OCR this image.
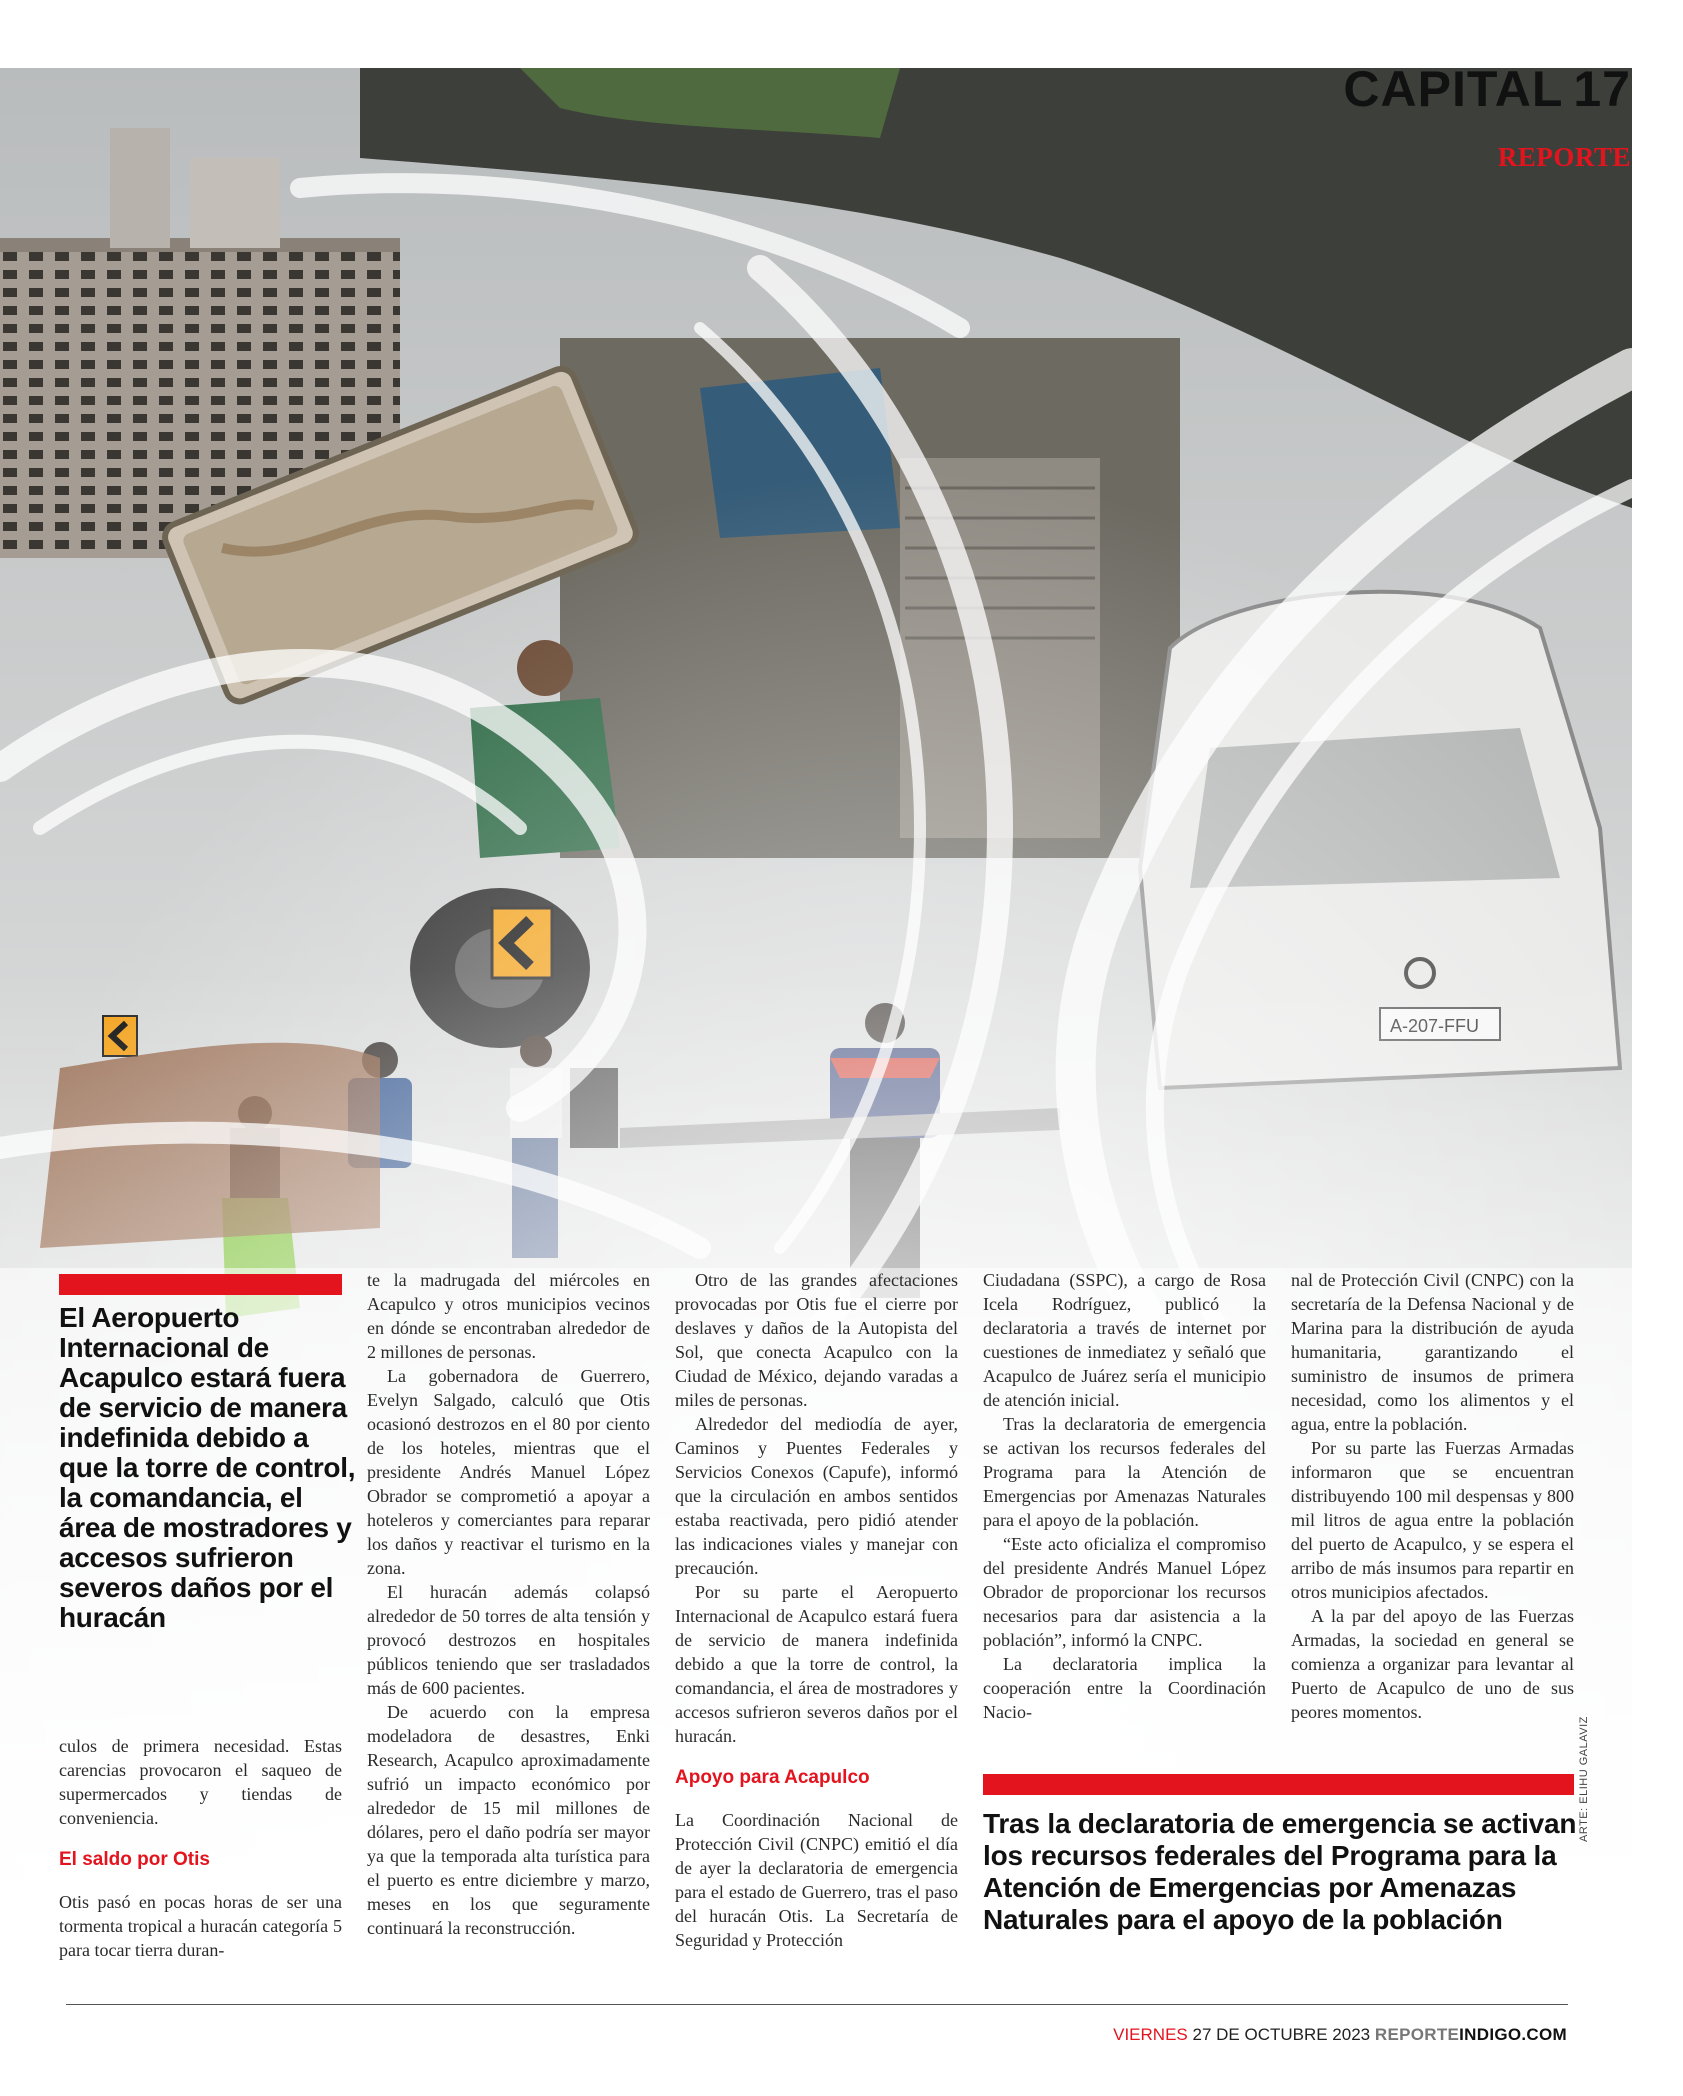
CAPITAL 17
REPORTE
El Aeropuerto Internacional de Acapulco estará fuera de servicio de manera indefinida debido a que la torre de control, la comandancia, el área de mostradores y accesos sufrieron severos daños por el huracán

culos de primera necesidad. Estas carencias provocaron el saqueo de supermercados y tiendas de conveniencia.

El saldo por Otis

Otis pasó en pocas horas de ser una tormenta tropical a huracán categoría 5 para tocar tierra duran-

te la madrugada del miércoles en Acapulco y otros municipios vecinos en dónde se encontraban alrededor de 2 millones de personas.

La gobernadora de Guerrero, Evelyn Salgado, calculó que Otis ocasionó destrozos en el 80 por ciento de los hoteles, mientras que el presidente Andrés Manuel López Obrador se comprometió a apoyar a hoteleros y comerciantes para reparar los daños y reactivar el turismo en la zona.

El huracán además colapsó alrededor de 50 torres de alta tensión y provocó destrozos en hospitales públicos teniendo que ser trasladados más de 600 pacientes.

De acuerdo con la empresa modeladora de desastres, Enki Research, Acapulco aproximadamente sufrió un impacto económico por alrededor de 15 mil millones de dólares, pero el daño podría ser mayor ya que la temporada alta turística para el puerto es entre diciembre y marzo, meses en los que seguramente continuará la reconstrucción.

Otro de las grandes afectaciones provocadas por Otis fue el cierre por deslaves y daños de la Autopista del Sol, que conecta Acapulco con la Ciudad de México, dejando varadas a miles de personas.

Alrededor del mediodía de ayer, Caminos y Puentes Federales y Servicios Conexos (Capufe), informó que la circulación en ambos sentidos estaba reactivada, pero pidió atender las indicaciones viales y manejar con precaución.

Por su parte el Aeropuerto Internacional de Acapulco estará fuera de servicio de manera indefinida debido a que la torre de control, la comandancia, el área de mostradores y accesos sufrieron severos daños por el huracán.

Apoyo para Acapulco

La Coordinación Nacional de Protección Civil (CNPC) emitió el día de ayer la declaratoria de emergencia para el estado de Guerrero, tras el paso del huracán Otis. La Secretaría de Seguridad y Protección

Ciudadana (SSPC), a cargo de Rosa Icela Rodríguez, publicó la declaratoria a través de internet por cuestiones de inmediatez y señaló que Acapulco de Juárez sería el municipio de atención inicial.

Tras la declaratoria de emergencia se activan los recursos federales del Programa para la Atención de Emergencias por Amenazas Naturales para el apoyo de la población.

“Este acto oficializa el compromiso del presidente Andrés Manuel López Obrador de proporcionar los recursos necesarios para dar asistencia a la población”, informó la CNPC.

La declaratoria implica la cooperación entre la Coordinación Nacio-

nal de Protección Civil (CNPC) con la secretaría de la Defensa Nacional y de Marina para la distribución de ayuda humanitaria, garantizando el suministro de insumos de primera necesidad, como los alimentos y el agua, entre la población.

Por su parte las Fuerzas Armadas informaron que se encuentran distribuyendo 100 mil despensas y 800 mil litros de agua entre la población del puerto de Acapulco, y se espera el arribo de más insumos para repartir en otros municipios afectados.

A la par del apoyo de las Fuerzas Armadas, la sociedad en general se comienza a organizar para levantar al Puerto de Acapulco de uno de sus peores momentos.

Tras la declaratoria de emergencia se activan los recursos federales del Programa para la Atención de Emergencias por Amenazas Naturales para el apoyo de la población
ARTE: ELIHU GALAVIZ
VIERNES 27 DE OCTUBRE 2023 REPORTEINDIGO.COM
